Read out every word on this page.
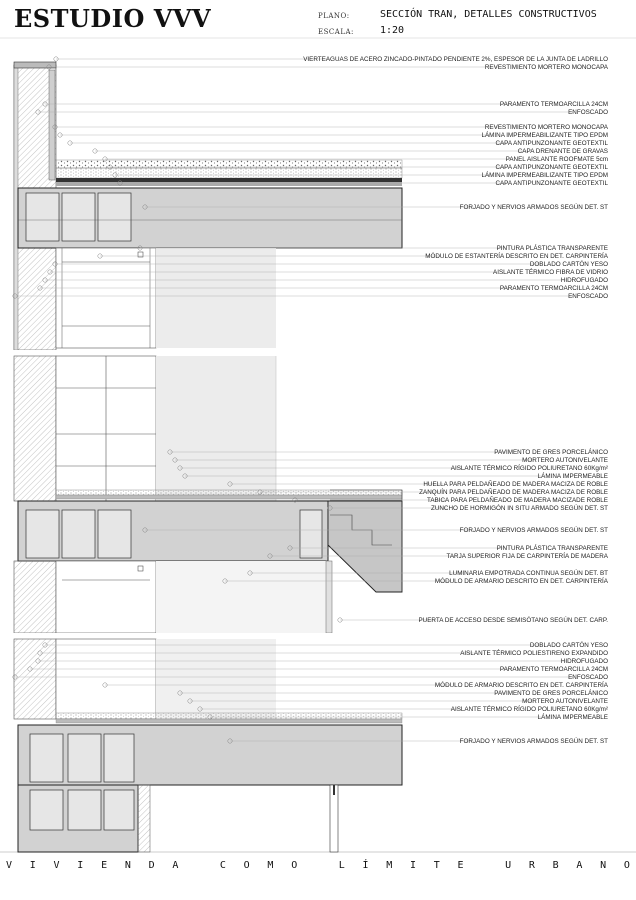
ESTUDIO VVV	PLANO:	SECCIÓN TRAN, DETALLES CONSTRUCTIVOS
ESCALA:	1:20
VIERTEAGUAS DE ACERO ZINCADO-PINTADO PENDIENTE 2%, ESPESOR DE LA JUNTA DE LADRILLO
REVESTIMIENTO MORTERO MONOCAPA
PARAMENTO TERMOARCILLA 24CM
ENFOSCADO
REVESTIMIENTO MORTERO MONOCAPA
LÁMINA IMPERMEABILIZANTE TIPO EPDM
CAPA ANTIPUNZONANTE GEOTEXTIL
CAPA DRENANTE DE GRAVAS
PANEL AISLANTE ROOFMATE 5cm
CAPA ANTIPUNZONANTE GEOTEXTIL
LÁMINA IMPERMEABILIZANTE TIPO EPDM
CAPA ANTIPUNZONANTE GEOTEXTIL
FORJADO Y NERVIOS ARMADOS SEGÚN DET. ST
PINTURA PLÁSTICA TRANSPARENTE
MÓDULO DE ESTANTERÍA DESCRITO EN DET. CARPINTERÍA
DOBLADO CARTÓN YESO
AISLANTE TÉRMICO FIBRA DE VIDRIO
HIDROFUGADO
PARAMENTO TERMOARCILLA 24CM
ENFOSCADO
PAVIMENTO DE GRES PORCELÁNICO
MORTERO AUTONIVELANTE
AISLANTE TÉRMICO RÍGIDO POLIURETANO 60Kg/m²
LÁMINA IMPERMEABLE
HUELLA PARA PELDAÑEADO DE MADERA MACIZA DE ROBLE
ZANQUÍN PARA PELDAÑEADO DE MADERA MACIZA DE ROBLE
TABICA PARA PELDAÑEADO DE MADERA MACIZADE ROBLE
ZUNCHO DE HORMIGÓN IN SITU ARMADO SEGÚN DET. ST
FORJADO Y NERVIOS ARMADOS SEGÚN DET. ST
PINTURA PLÁSTICA TRANSPARENTE
TARJA SUPERIOR FIJA DE CARPINTERÍA DE MADERA
LUMINARIA EMPOTRADA CONTINUA SEGÚN DET. BT
MÓDULO DE ARMARIO DESCRITO EN DET. CARPINTERÍA
PUERTA DE ACCESO DESDE SEMISÓTANO SEGÚN DET. CARP.
DOBLADO CARTÓN YESO
AISLANTE TÉRMICO POLIESTIRENO EXPANDIDO
HIDROFUGADO
PARAMENTO TERMOARCILLA 24CM
ENFOSCADO
MÓDULO DE ARMARIO DESCRITO EN DET. CARPINTERÍA
PAVIMENTO DE GRES PORCELÁNICO
MORTERO AUTONIVELANTE
AISLANTE TÉRMICO RÍGIDO POLIURETANO 60Kg/m²
LÁMINA IMPERMEABLE
FORJADO Y NERVIOS ARMADOS SEGÚN DET. ST
V I V I E N D A
	C O M O
	L Í M I T E
	U R B A N O
